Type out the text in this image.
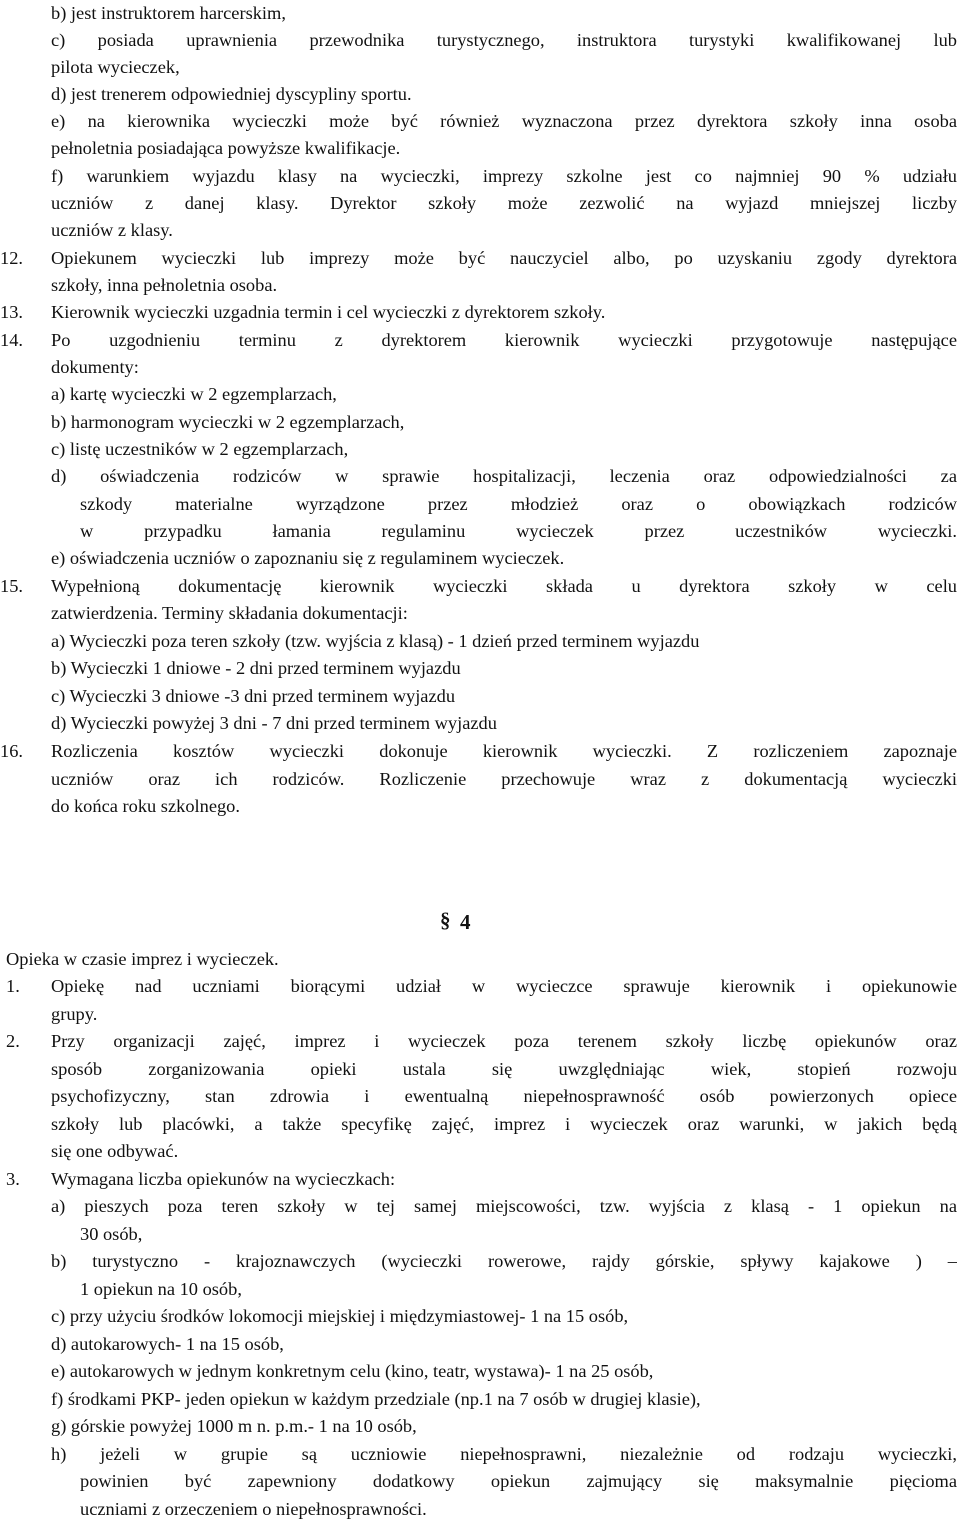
b) jest instruktorem harcerskim,
c) posiada uprawnienia przewodnika turystycznego, instruktora turystyki kwalifikowanej lub
pilota wycieczek,
d) jest trenerem odpowiedniej dyscypliny sportu.
e) na kierownika wycieczki może być również wyznaczona przez dyrektora szkoły inna osoba
pełnoletnia posiadająca powyższe kwalifikacje.
f) warunkiem wyjazdu klasy na wycieczki, imprezy szkolne jest co najmniej 90 % udziału
uczniów z danej klasy. Dyrektor szkoły może zezwolić na wyjazd mniejszej liczby
uczniów z klasy.
12. Opiekunem wycieczki lub imprezy może być nauczyciel albo, po uzyskaniu zgody dyrektora
szkoły, inna pełnoletnia osoba.
13. Kierownik wycieczki uzgadnia termin i cel wycieczki z dyrektorem szkoły.
14. Po uzgodnieniu terminu z dyrektorem kierownik wycieczki przygotowuje następujące
dokumenty:
a) kartę wycieczki w 2 egzemplarzach,
b) harmonogram wycieczki w 2 egzemplarzach,
c) listę uczestników w 2 egzemplarzach,
d) oświadczenia rodziców w sprawie hospitalizacji, leczenia oraz odpowiedzialności za
szkody materialne wyrządzone przez młodzież oraz o obowiązkach rodziców
w przypadku łamania regulaminu wycieczek przez uczestników wycieczki.
e) oświadczenia uczniów o zapoznaniu się z regulaminem wycieczek.
15. Wypełnioną dokumentację kierownik wycieczki składa u dyrektora szkoły w celu
zatwierdzenia. Terminy składania dokumentacji:
a) Wycieczki poza teren szkoły (tzw. wyjścia z klasą) - 1 dzień przed terminem wyjazdu
b) Wycieczki 1 dniowe - 2 dni przed terminem wyjazdu
c) Wycieczki 3 dniowe -3 dni przed terminem wyjazdu
d) Wycieczki powyżej 3 dni - 7 dni przed terminem wyjazdu
16. Rozliczenia kosztów wycieczki dokonuje kierownik wycieczki. Z rozliczeniem zapoznaje
uczniów oraz ich rodziców. Rozliczenie przechowuje wraz z dokumentacją wycieczki
do końca roku szkolnego.
§ 4
Opieka w czasie imprez i wycieczek.
1. Opiekę nad uczniami biorącymi udział w wycieczce sprawuje kierownik i opiekunowie
grupy.
2. Przy organizacji zajęć, imprez i wycieczek poza terenem szkoły liczbę opiekunów oraz
sposób zorganizowania opieki ustala się uwzględniając wiek, stopień rozwoju
psychofizyczny, stan zdrowia i ewentualną niepełnosprawność osób powierzonych opiece
szkoły lub placówki, a także specyfikę zajęć, imprez i wycieczek oraz warunki, w jakich będą
się one odbywać.
3. Wymagana liczba opiekunów na wycieczkach:
a) pieszych poza teren szkoły w tej samej miejscowości, tzw. wyjścia z klasą - 1 opiekun na
30 osób,
b) turystyczno - krajoznawczych (wycieczki rowerowe, rajdy górskie, spływy kajakowe ) –
1 opiekun na 10 osób,
c) przy użyciu środków lokomocji miejskiej i międzymiastowej- 1 na 15 osób,
d) autokarowych- 1 na 15 osób,
e) autokarowych w jednym konkretnym celu (kino, teatr, wystawa)- 1 na 25 osób,
f) środkami PKP- jeden opiekun w każdym przedziale (np.1 na 7 osób w drugiej klasie),
g) górskie powyżej 1000 m n. p.m.- 1 na 10 osób,
h) jeżeli w grupie są uczniowie niepełnosprawni, niezależnie od rodzaju wycieczki,
powinien być zapewniony dodatkowy opiekun zajmujący się maksymalnie pięcioma
uczniami z orzeczeniem o niepełnosprawności.
